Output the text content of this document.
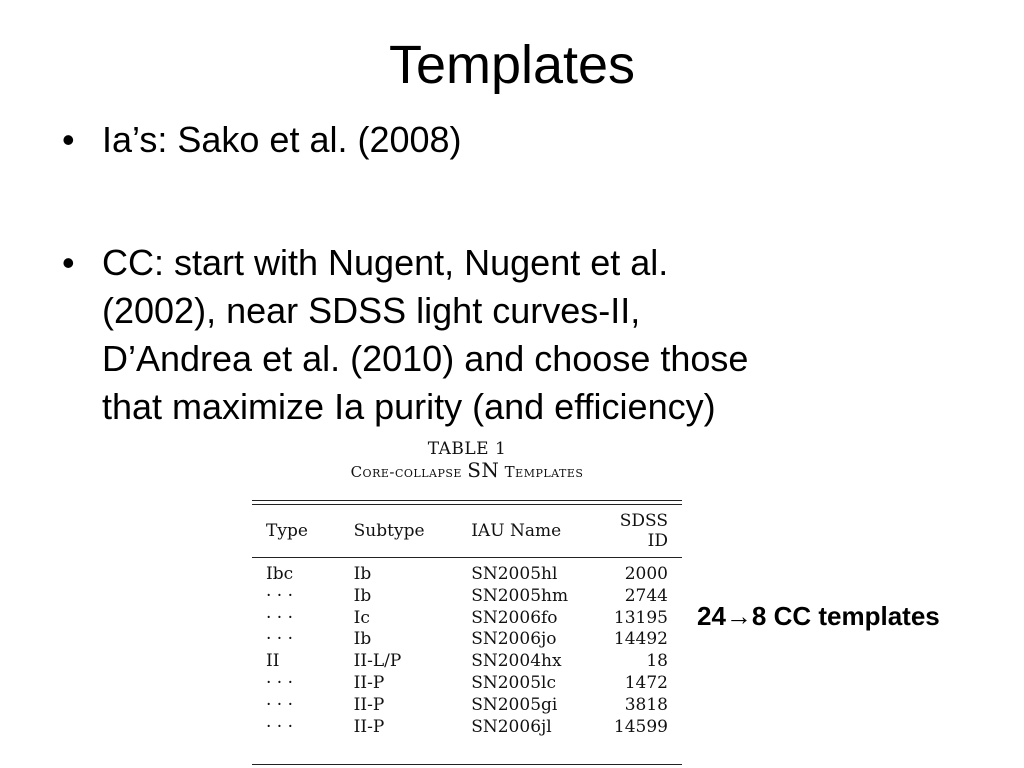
Templates
• Ia’s: Sako et al. (2008)
• CC: start with Nugent, Nugent et al.
(2002), near SDSS light curves-II,
D’Andrea et al. (2010) and choose those
that maximize Ia purity (and efficiency)
TABLE 1
Core-collapse SN Templates
Type	Subtype	IAU Name	SDSS ID

Ibc	Ib	SN2005hl	2000
· · ·	Ib	SN2005hm	2744
· · ·	Ic	SN2006fo	13195
· · ·	Ib	SN2006jo	14492
II	II-L/P	SN2004hx	18
· · ·	II-P	SN2005lc	1472
· · ·	II-P	SN2005gi	3818
· · ·	II-P	SN2006jl	14599
24→8 CC templates
